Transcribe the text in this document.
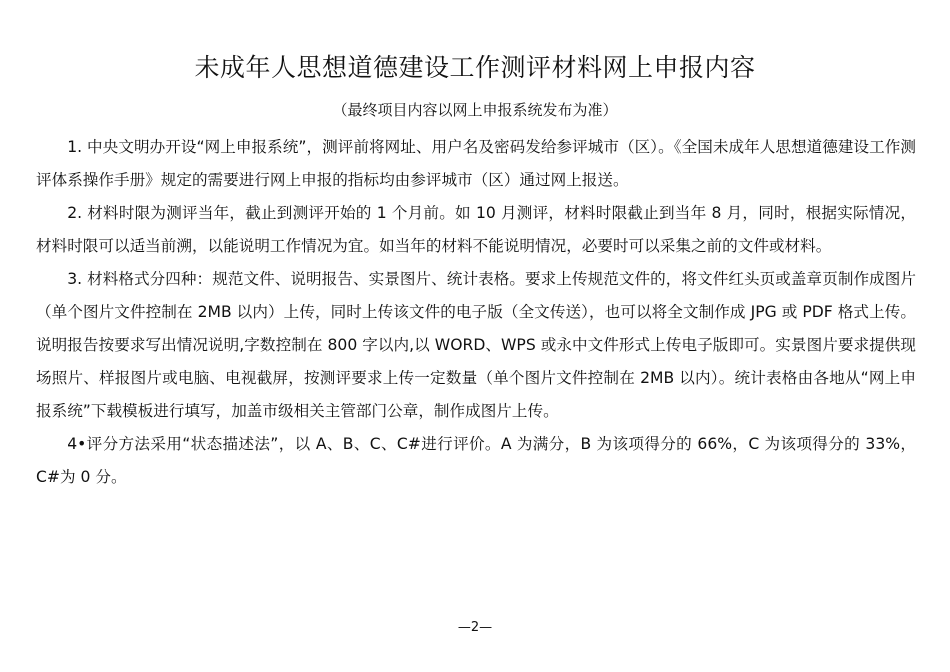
未成年人思想道德建设工作测评材料网上申报内容
（最终项目内容以网上申报系统发布为准）

1. 中央文明办开设“网上申报系统”，测评前将网址、用户名及密码发给参评城市（区）。《全国未成年人思想道德建设工作测评体系操作手册》规定的需要进行网上申报的指标均由参评城市（区）通过网上报送。

2. 材料时限为测评当年，截止到测评开始的 1 个月前。如 10 月测评，材料时限截止到当年 8 月，同时，根据实际情况，材料时限可以适当前溯，以能说明工作情况为宜。如当年的材料不能说明情况，必要时可以采集之前的文件或材料。

3. 材料格式分四种：规范文件、说明报告、实景图片、统计表格。要求上传规范文件的，将文件红头页或盖章页制作成图片（单个图片文件控制在 2MB 以内）上传，同时上传该文件的电子版（全文传送），也可以将全文制作成 JPG 或 PDF 格式上传。说明报告按要求写出情况说明,字数控制在 800 字以内,以 WORD、WPS 或永中文件形式上传电子版即可。实景图片要求提供现场照片、样报图片或电脑、电视截屏，按测评要求上传一定数量（单个图片文件控制在 2MB 以内）。统计表格由各地从“网上申报系统”下载模板进行填写，加盖市级相关主管部门公章，制作成图片上传。

4•评分方法采用“状态描述法”，以 A、B、C、C#进行评价。A 为满分，B 为该项得分的 66%，C 为该项得分的 33%，C#为 0 分。

—2—
